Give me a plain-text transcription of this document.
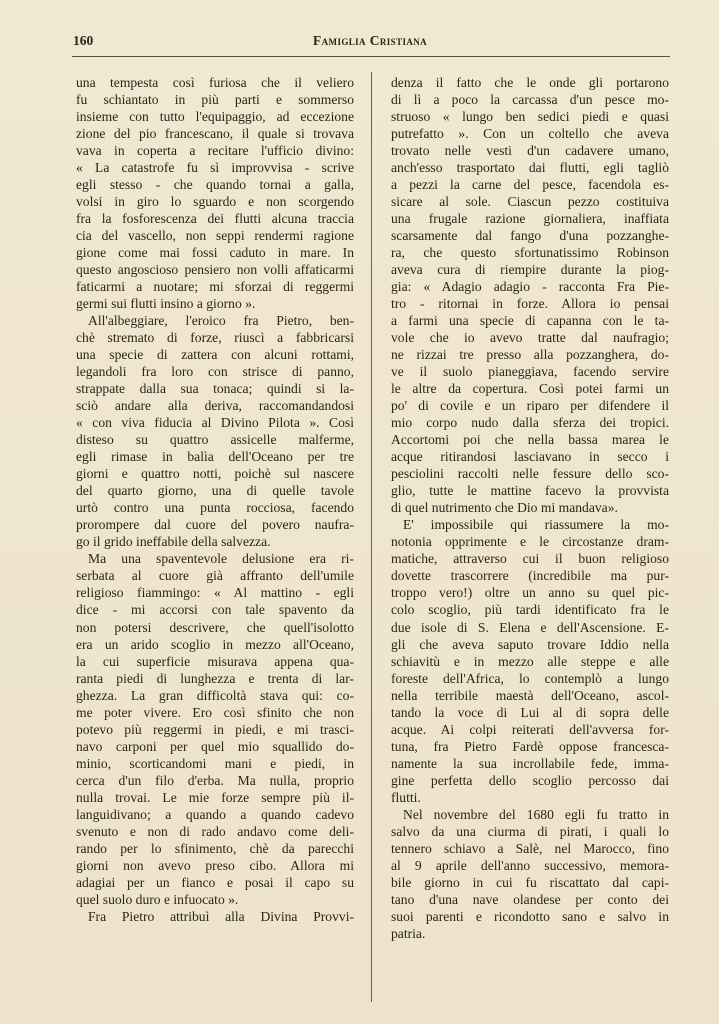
160	Famiglia Cristiana
una tempesta così furiosa che il veliero
fu schiantato in più parti e sommerso
insieme con tutto l'equipaggio, ad eccezione
zione del pio francescano, il quale si trovava
vava in coperta a recitare l'ufficio divino:
« La catastrofe fu sì improvvisa - scrive
egli stesso - che quando tornai a galla,
volsi in giro lo sguardo e non scorgendo
fra la fosforescenza dei flutti alcuna traccia
cia del vascello, non seppi rendermi ragione
gione come mai fossi caduto in mare. In
questo angoscioso pensiero non volli affaticarmi
faticarmi a nuotare; mi sforzai di reggermi
germi sui flutti insino a giorno ».
All'albeggiare, l'eroico fra Pietro, ben-
chè stremato di forze, riuscì a fabbricarsi
una specie di zattera con alcuni rottami,
legandoli fra loro con strisce di panno,
strappate dalla sua tonaca; quindi si la-
sciò andare alla deriva, raccomandandosi
« con viva fiducia al Divino Pilota ». Così
disteso su quattro assicelle malferme,
egli rimase in balìa dell'Oceano per tre
giorni e quattro notti, poichè sul nascere
del quarto giorno, una di quelle tavole
urtò contro una punta rocciosa, facendo
prorompere dal cuore del povero naufra-
go il grido ineffabile della salvezza.
Ma una spaventevole delusione era ri-
serbata al cuore già affranto dell'umile
religioso fiammingo: « Al mattino - egli
dice - mi accorsi con tale spavento da
non potersi descrivere, che quell'isolotto
era un arido scoglio in mezzo all'Oceano,
la cui superficie misurava appena qua-
ranta piedi di lunghezza e trenta di lar-
ghezza. La gran difficoltà stava qui: co-
me poter vivere. Ero così sfinito che non
potevo più reggermi in piedi, e mi trasci-
navo carponi per quel mio squallido do-
minio, scorticandomi mani e piedi, in
cerca d'un filo d'erba. Ma nulla, proprio
nulla trovai. Le mie forze sempre più il-
languidivano; a quando a quando cadevo
svenuto e non di rado andavo come deli-
rando per lo sfinimento, chè da parecchi
giorni non avevo preso cibo. Allora mi
adagiai per un fianco e posai il capo su
quel suolo duro e infuocato ».
Fra Pietro attribuì alla Divina Provvi-
denza il fatto che le onde gli portarono
di lì a poco la carcassa d'un pesce mo-
struoso « lungo ben sedici piedi e quasi
putrefatto ». Con un coltello che aveva
trovato nelle vesti d'un cadavere umano,
anch'esso trasportato dai flutti, egli tagliò
a pezzi la carne del pesce, facendola es-
sicare al sole. Ciascun pezzo costituiva
una frugale razione giornaliera, inaffiata
scarsamente dal fango d'una pozzanghe-
ra, che questo sfortunatissimo Robinson
aveva cura di riempire durante la piog-
gia: « Adagio adagio - racconta Fra Pie-
tro - ritornai in forze. Allora io pensai
a farmi una specie di capanna con le ta-
vole che io avevo tratte dal naufragio;
ne rizzai tre presso alla pozzanghera, do-
ve il suolo pianeggiava, facendo servire
le altre da copertura. Così potei farmi un
po' di covile e un riparo per difendere il
mio corpo nudo dalla sferza dei tropici.
Accortomi poi che nella bassa marea le
acque ritirandosi lasciavano in secco i
pesciolini raccolti nelle fessure dello sco-
glio, tutte le mattine facevo la provvista
di quel nutrimento che Dio mi mandava».
E' impossibile qui riassumere la mo-
notonia opprimente e le circostanze dram-
matiche, attraverso cui il buon religioso
dovette trascorrere (incredibile ma pur-
troppo vero!) oltre un anno su quel pic-
colo scoglio, più tardi identificato fra le
due isole di S. Elena e dell'Ascensione. E-
gli che aveva saputo trovare Iddio nella
schiavitù e in mezzo alle steppe e alle
foreste dell'Africa, lo contemplò a lungo
nella terribile maestà dell'Oceano, ascol-
tando la voce di Lui al di sopra delle
acque. Ai colpi reiterati dell'avversa for-
tuna, fra Pietro Fardè oppose francesca-
namente la sua incrollabile fede, imma-
gine perfetta dello scoglio percosso dai
flutti.
Nel novembre del 1680 egli fu tratto in
salvo da una ciurma di pirati, i quali lo
tennero schiavo a Salè, nel Marocco, fino
al 9 aprile dell'anno successivo, memora-
bile giorno in cui fu riscattato dal capi-
tano d'una nave olandese per conto dei
suoi parenti e ricondotto sano e salvo in
patria.
